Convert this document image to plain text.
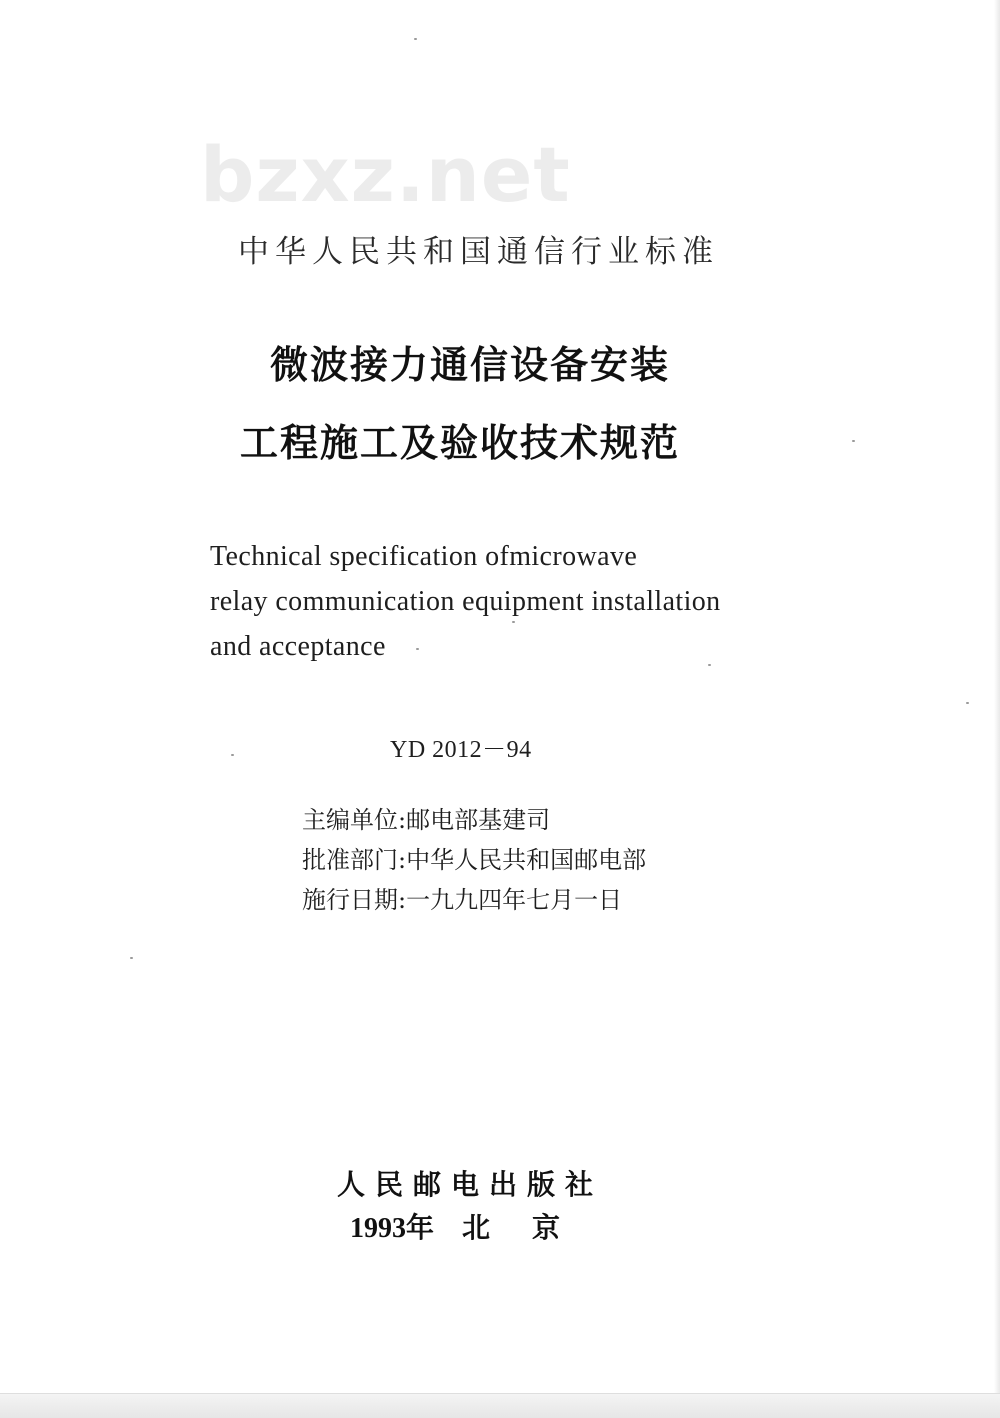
bzxz.net
中华人民共和国通信行业标准
微波接力通信设备安装
工程施工及验收技术规范
Technical specification ofmicrowave
relay communication equipment installation
and acceptance
YD 2012－94
主编单位:邮电部基建司
批准部门:中华人民共和国邮电部
施行日期:一九九四年七月一日
人民邮电出版社
1993年 北 京
